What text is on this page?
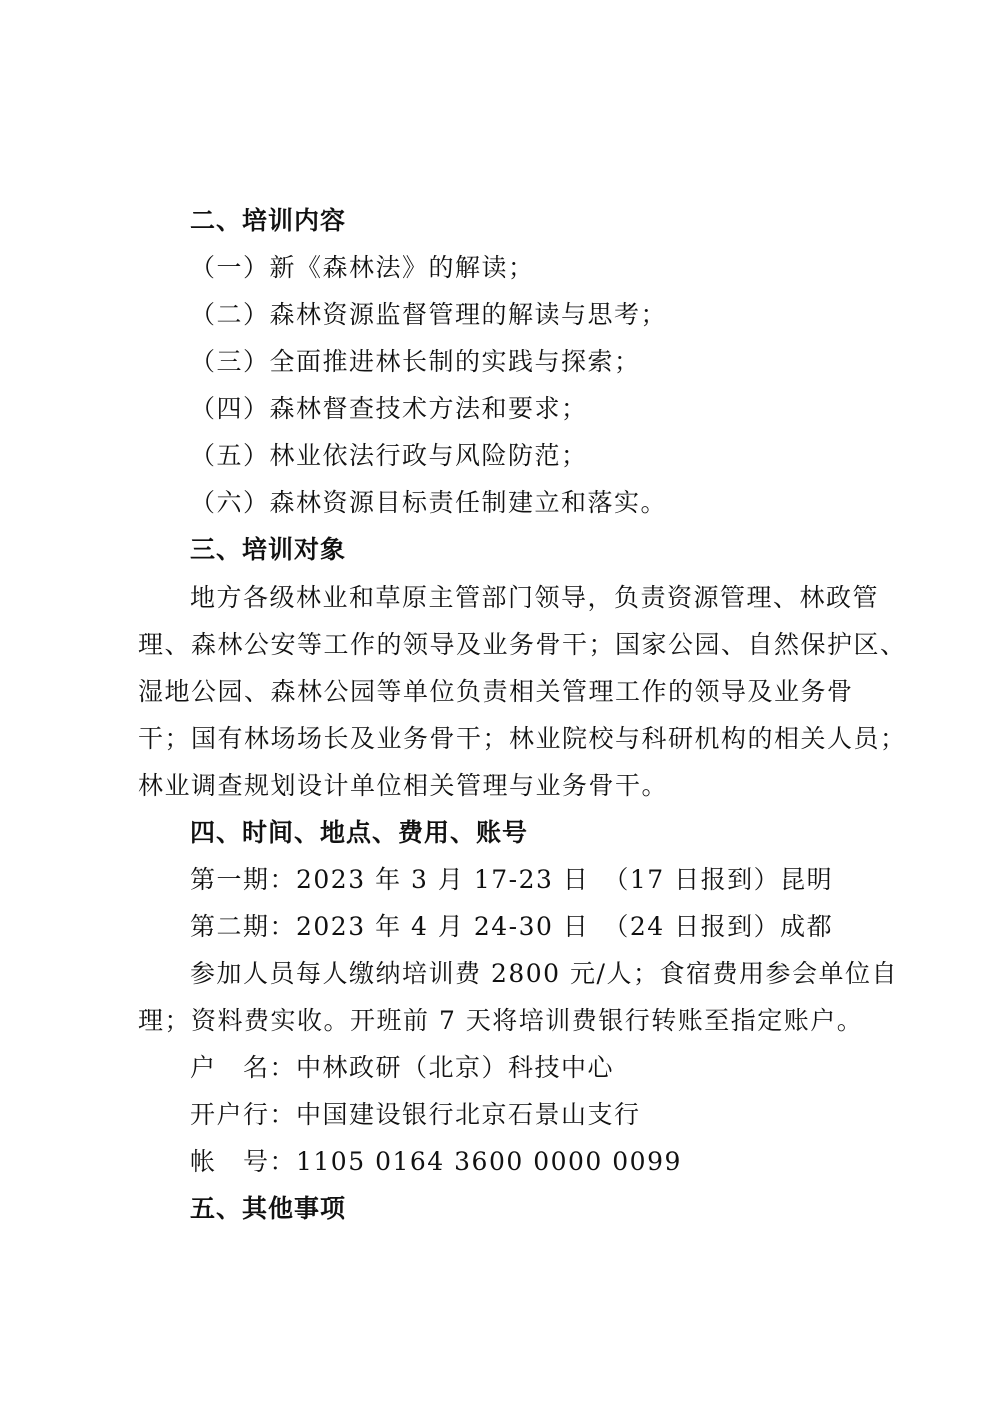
二、培训内容
（一）新《森林法》的解读；
（二）森林资源监督管理的解读与思考；
（三）全面推进林长制的实践与探索；
（四）森林督查技术方法和要求；
（五）林业依法行政与风险防范；
（六）森林资源目标责任制建立和落实。
三、培训对象
地方各级林业和草原主管部门领导，负责资源管理、林政管
理、森林公安等工作的领导及业务骨干；国家公园、自然保护区、
湿地公园、森林公园等单位负责相关管理工作的领导及业务骨
干；国有林场场长及业务骨干；林业院校与科研机构的相关人员；
林业调查规划设计单位相关管理与业务骨干。
四、时间、地点、费用、账号
第一期：2023 年 3 月 17-23 日　（17 日报到）昆明
第二期：2023 年 4 月 24-30 日　（24 日报到）成都
参加人员每人缴纳培训费 2800 元/人；食宿费用参会单位自
理；资料费实收。开班前 7 天将培训费银行转账至指定账户。
户　名：中林政研（北京）科技中心
开户行：中国建设银行北京石景山支行
帐　号：1105 0164 3600 0000 0099
五、其他事项
